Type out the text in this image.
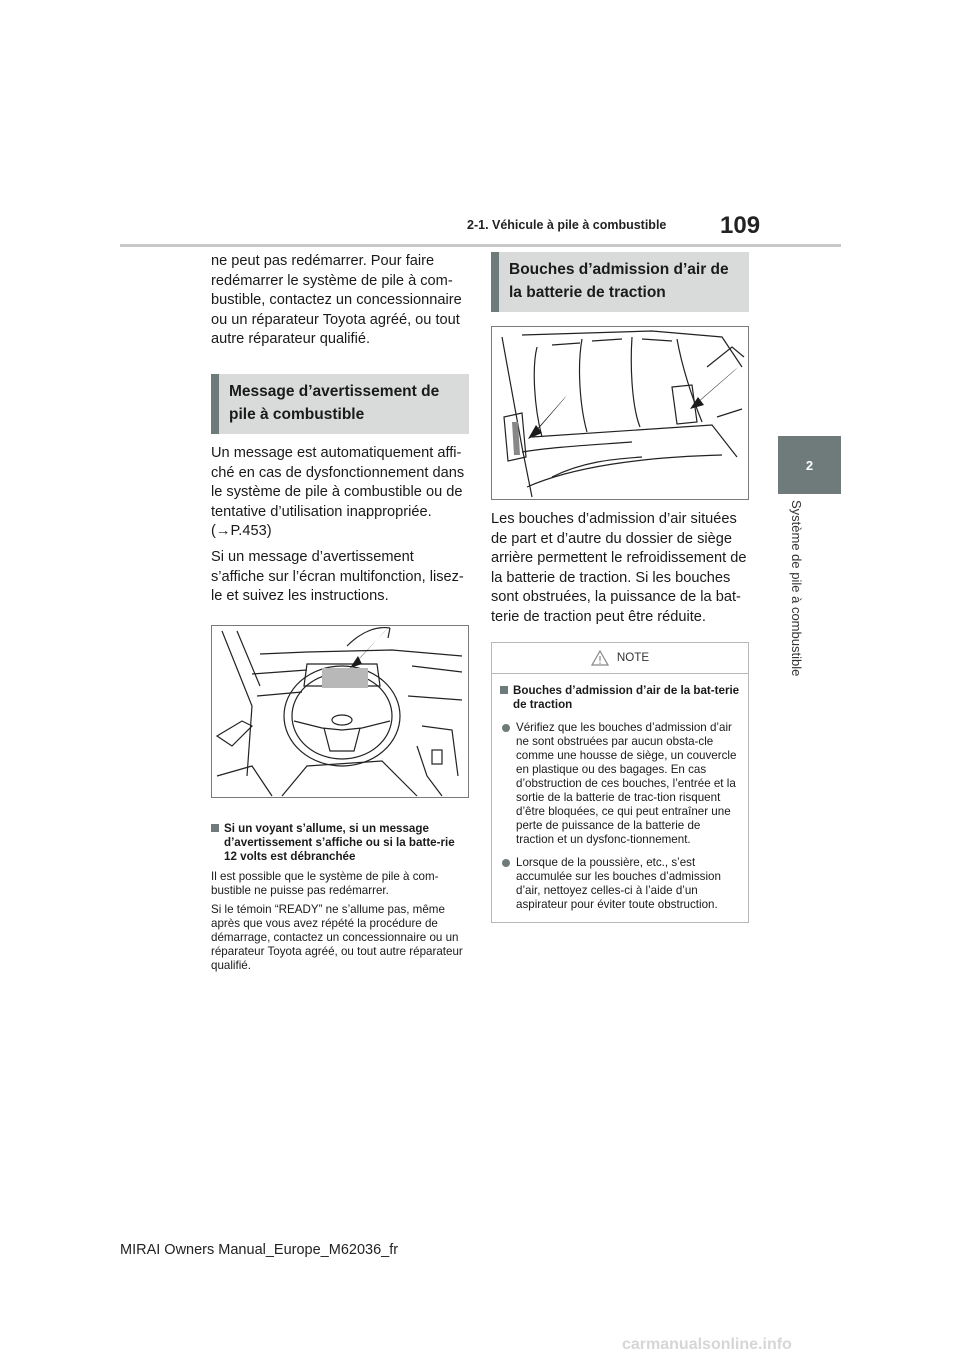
2-1. Véhicule à pile à combustible 109
2
Système de pile à combustible

ne peut pas redémarrer. Pour faire redémarrer le système de pile à com-bustible, contactez un concessionnaire ou un réparateur Toyota agréé, ou tout autre réparateur qualifié.

Message d’avertissement de
pile à combustible

Un message est automatiquement affi-ché en cas de dysfonctionnement dans le système de pile à combustible ou de tentative d’utilisation inappropriée. (→P.453)

Si un message d’avertissement s’affiche sur l’écran multifonction, lisez-le et suivez les instructions.

Si un voyant s’allume, si un message d’avertissement s’affiche ou si la batte-rie 12 volts est débranchée

Il est possible que le système de pile à com-bustible ne puisse pas redémarrer.

Si le témoin “READY” ne s’allume pas, même après que vous avez répété la procédure de démarrage, contactez un concessionnaire ou un réparateur Toyota agréé, ou tout autre réparateur qualifié.

Bouches d’admission d’air de
la batterie de traction

Les bouches d’admission d’air situées de part et d’autre du dossier de siège arrière permettent le refroidissement de la batterie de traction. Si les bouches sont obstruées, la puissance de la bat-terie de traction peut être réduite.

NOTE

Bouches d’admission d’air de la bat-terie de traction

Vérifiez que les bouches d’admission d’air ne sont obstruées par aucun obsta-cle comme une housse de siège, un couvercle en plastique ou des bagages. En cas d’obstruction de ces bouches, l’entrée et la sortie de la batterie de trac-tion risquent d’être bloquées, ce qui peut entraîner une perte de puissance de la batterie de traction et un dysfonc-tionnement.

Lorsque de la poussière, etc., s’est accumulée sur les bouches d’admission d’air, nettoyez celles-ci à l’aide d’un aspirateur pour éviter toute obstruction.

MIRAI Owners Manual_Europe_M62036_fr
carmanualsonline.info
